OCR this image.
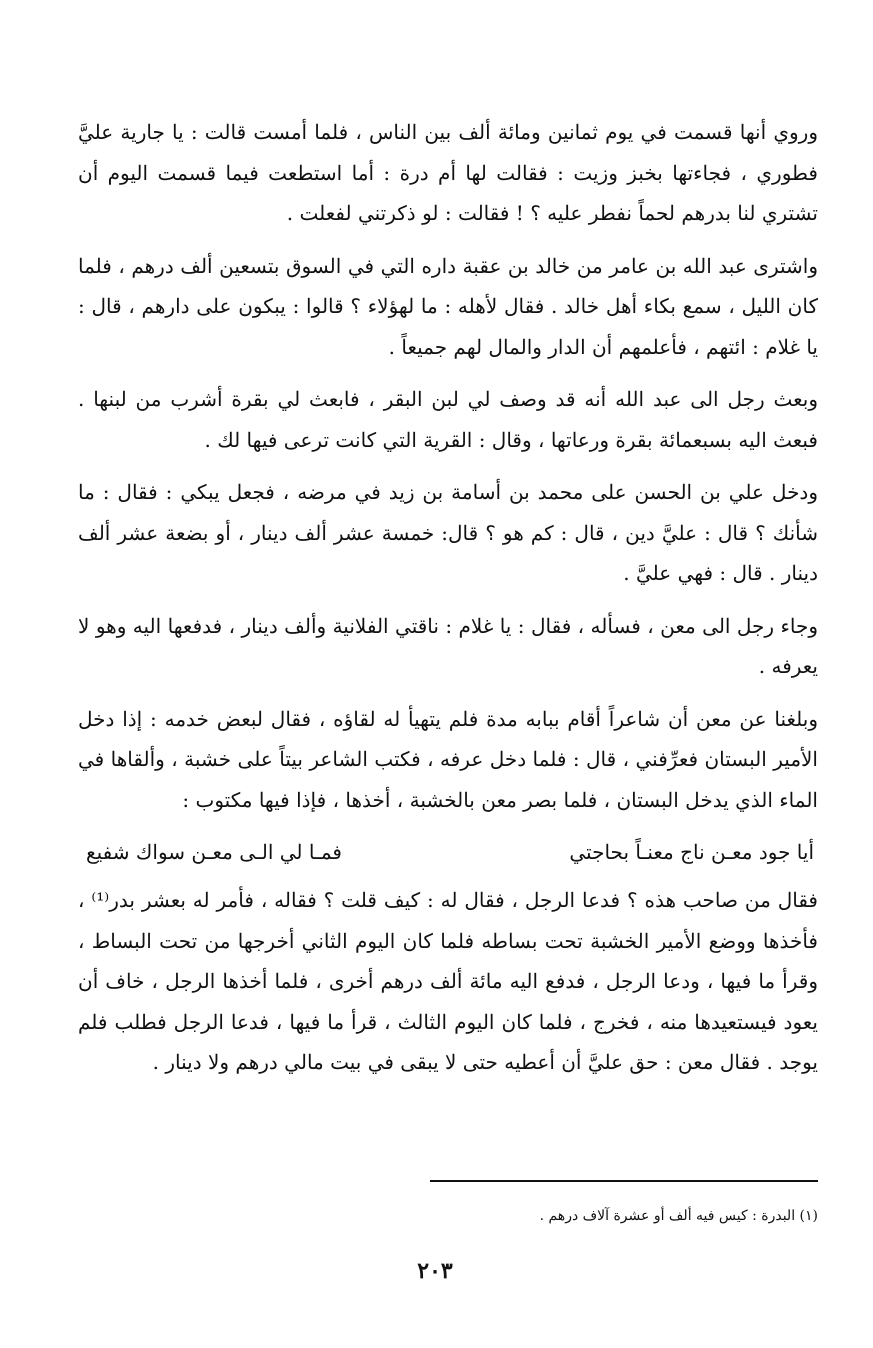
وروي أنها قسمت في يوم ثمانين ومائة ألف بين الناس ، فلما أمست قالت : يا جارية عليَّ فطوري ، فجاءتها بخبز وزيت : فقالت لها أم درة : أما استطعت فيما قسمت اليوم أن تشتري لنا بدرهم لحماً نفطر عليه ؟ ! فقالت : لو ذكرتني لفعلت .

واشترى عبد الله بن عامر من خالد بن عقبة داره التي في السوق بتسعين ألف درهم ، فلما كان الليل ، سمع بكاء أهل خالد . فقال لأهله : ما لهؤلاء ؟ قالوا : يبكون على دارهم ، قال : يا غلام : ائتهم ، فأعلمهم أن الدار والمال لهم جميعاً .

وبعث رجل الى عبد الله أنه قد وصف لي لبن البقر ، فابعث لي بقرة أشرب من لبنها . فبعث اليه بسبعمائة بقرة ورعاتها ، وقال : القرية التي كانت ترعى فيها لك .

ودخل علي بن الحسن على محمد بن أسامة بن زيد في مرضه ، فجعل يبكي : فقال : ما شأنك ؟ قال : عليَّ دين ، قال : كم هو ؟ قال: خمسة عشر ألف دينار ، أو بضعة عشر ألف دينار . قال : فهي عليَّ .

وجاء رجل الى معن ، فسأله ، فقال : يا غلام : ناقتي الفلانية وألف دينار ، فدفعها اليه وهو لا يعرفه .

وبلغنا عن معن أن شاعراً أقام ببابه مدة فلم يتهيأ له لقاؤه ، فقال لبعض خدمه : إذا دخل الأمير البستان فعرِّفني ، قال : فلما دخل عرفه ، فكتب الشاعر بيتاً على خشبة ، وألقاها في الماء الذي يدخل البستان ، فلما بصر معن بالخشبة ، أخذها ، فإذا فيها مكتوب :

أيا جود معـن ناج معنـاً بحاجتي
فمـا لي الـى معـن سواك شفيع

فقال من صاحب هذه ؟ فدعا الرجل ، فقال له : كيف قلت ؟ فقاله ، فأمر له بعشر بدر⁽¹⁾ ، فأخذها ووضع الأمير الخشبة تحت بساطه فلما كان اليوم الثاني أخرجها من تحت البساط ، وقرأ ما فيها ، ودعا الرجل ، فدفع اليه مائة ألف درهم أخرى ، فلما أخذها الرجل ، خاف أن يعود فيستعيدها منه ، فخرج ، فلما كان اليوم الثالث ، قرأ ما فيها ، فدعا الرجل فطلب فلم يوجد . فقال معن : حق عليَّ أن أعطيه حتى لا يبقى في بيت مالي درهم ولا دينار .

(١) البدرة : كيس فيه ألف أو عشرة آلاف درهم .
٢٠٣
